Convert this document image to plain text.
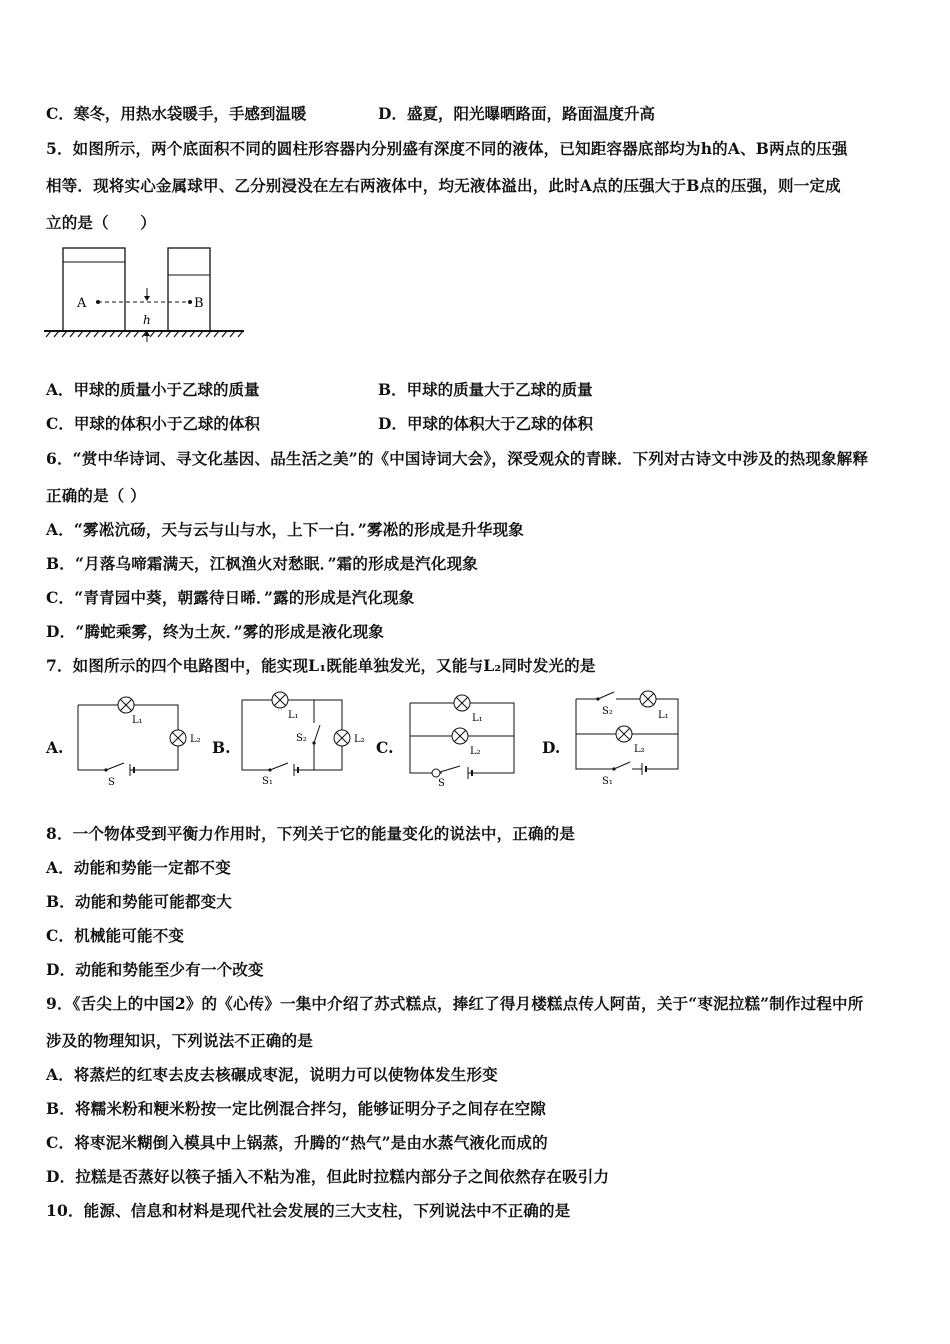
C．寒冬，用热水袋暖手，手感到温暖	D．盛夏，阳光曝晒路面，路面温度升高
5．如图所示，两个底面积不同的圆柱形容器内分别盛有深度不同的液体，已知距容器底部均为h的A、B两点的压强
相等．现将实心金属球甲、乙分别浸没在左右两液体中，均无液体溢出，此时A点的压强大于B点的压强，则一定成
立的是（　　）
A	B
h
A．甲球的质量小于乙球的质量	B．甲球的质量大于乙球的质量
C．甲球的体积小于乙球的体积	D．甲球的体积大于乙球的体积
6．“赏中华诗词、寻文化基因、品生活之美”的《中国诗词大会》，深受观众的青睐．下列对古诗文中涉及的热现象解释
正确的是（ ）
A．“雾凇沆砀，天与云与山与水，上下一白．”雾凇的形成是升华现象
B．“月落乌啼霜满天，江枫渔火对愁眠．”霜的形成是汽化现象
C．“青青园中葵，朝露待日晞．”露的形成是汽化现象
D．“腾蛇乘雾，终为土灰．”雾的形成是液化现象
7．如图所示的四个电路图中，能实现L₁既能单独发光，又能与L₂同时发光的是
A.
L₁
L₂
S
B.
L₁
L₂
S₁
S₂	C.
L₁
L₂
S
D.
L₁
L₂
S₁
S₂
8．一个物体受到平衡力作用时，下列关于它的能量变化的说法中，正确的是
A．动能和势能一定都不变
B．动能和势能可能都变大
C．机械能可能不变
D．动能和势能至少有一个改变
9．《舌尖上的中国2》的《心传》一集中介绍了苏式糕点，捧红了得月楼糕点传人阿苗，关于“枣泥拉糕”制作过程中所
涉及的物理知识，下列说法不正确的是
A．将蒸烂的红枣去皮去核碾成枣泥，说明力可以使物体发生形变
B．将糯米粉和粳米粉按一定比例混合拌匀，能够证明分子之间存在空隙
C．将枣泥米糊倒入模具中上锅蒸，升腾的“热气”是由水蒸气液化而成的
D．拉糕是否蒸好以筷子插入不粘为准，但此时拉糕内部分子之间依然存在吸引力
10．能源、信息和材料是现代社会发展的三大支柱，下列说法中不正确的是
